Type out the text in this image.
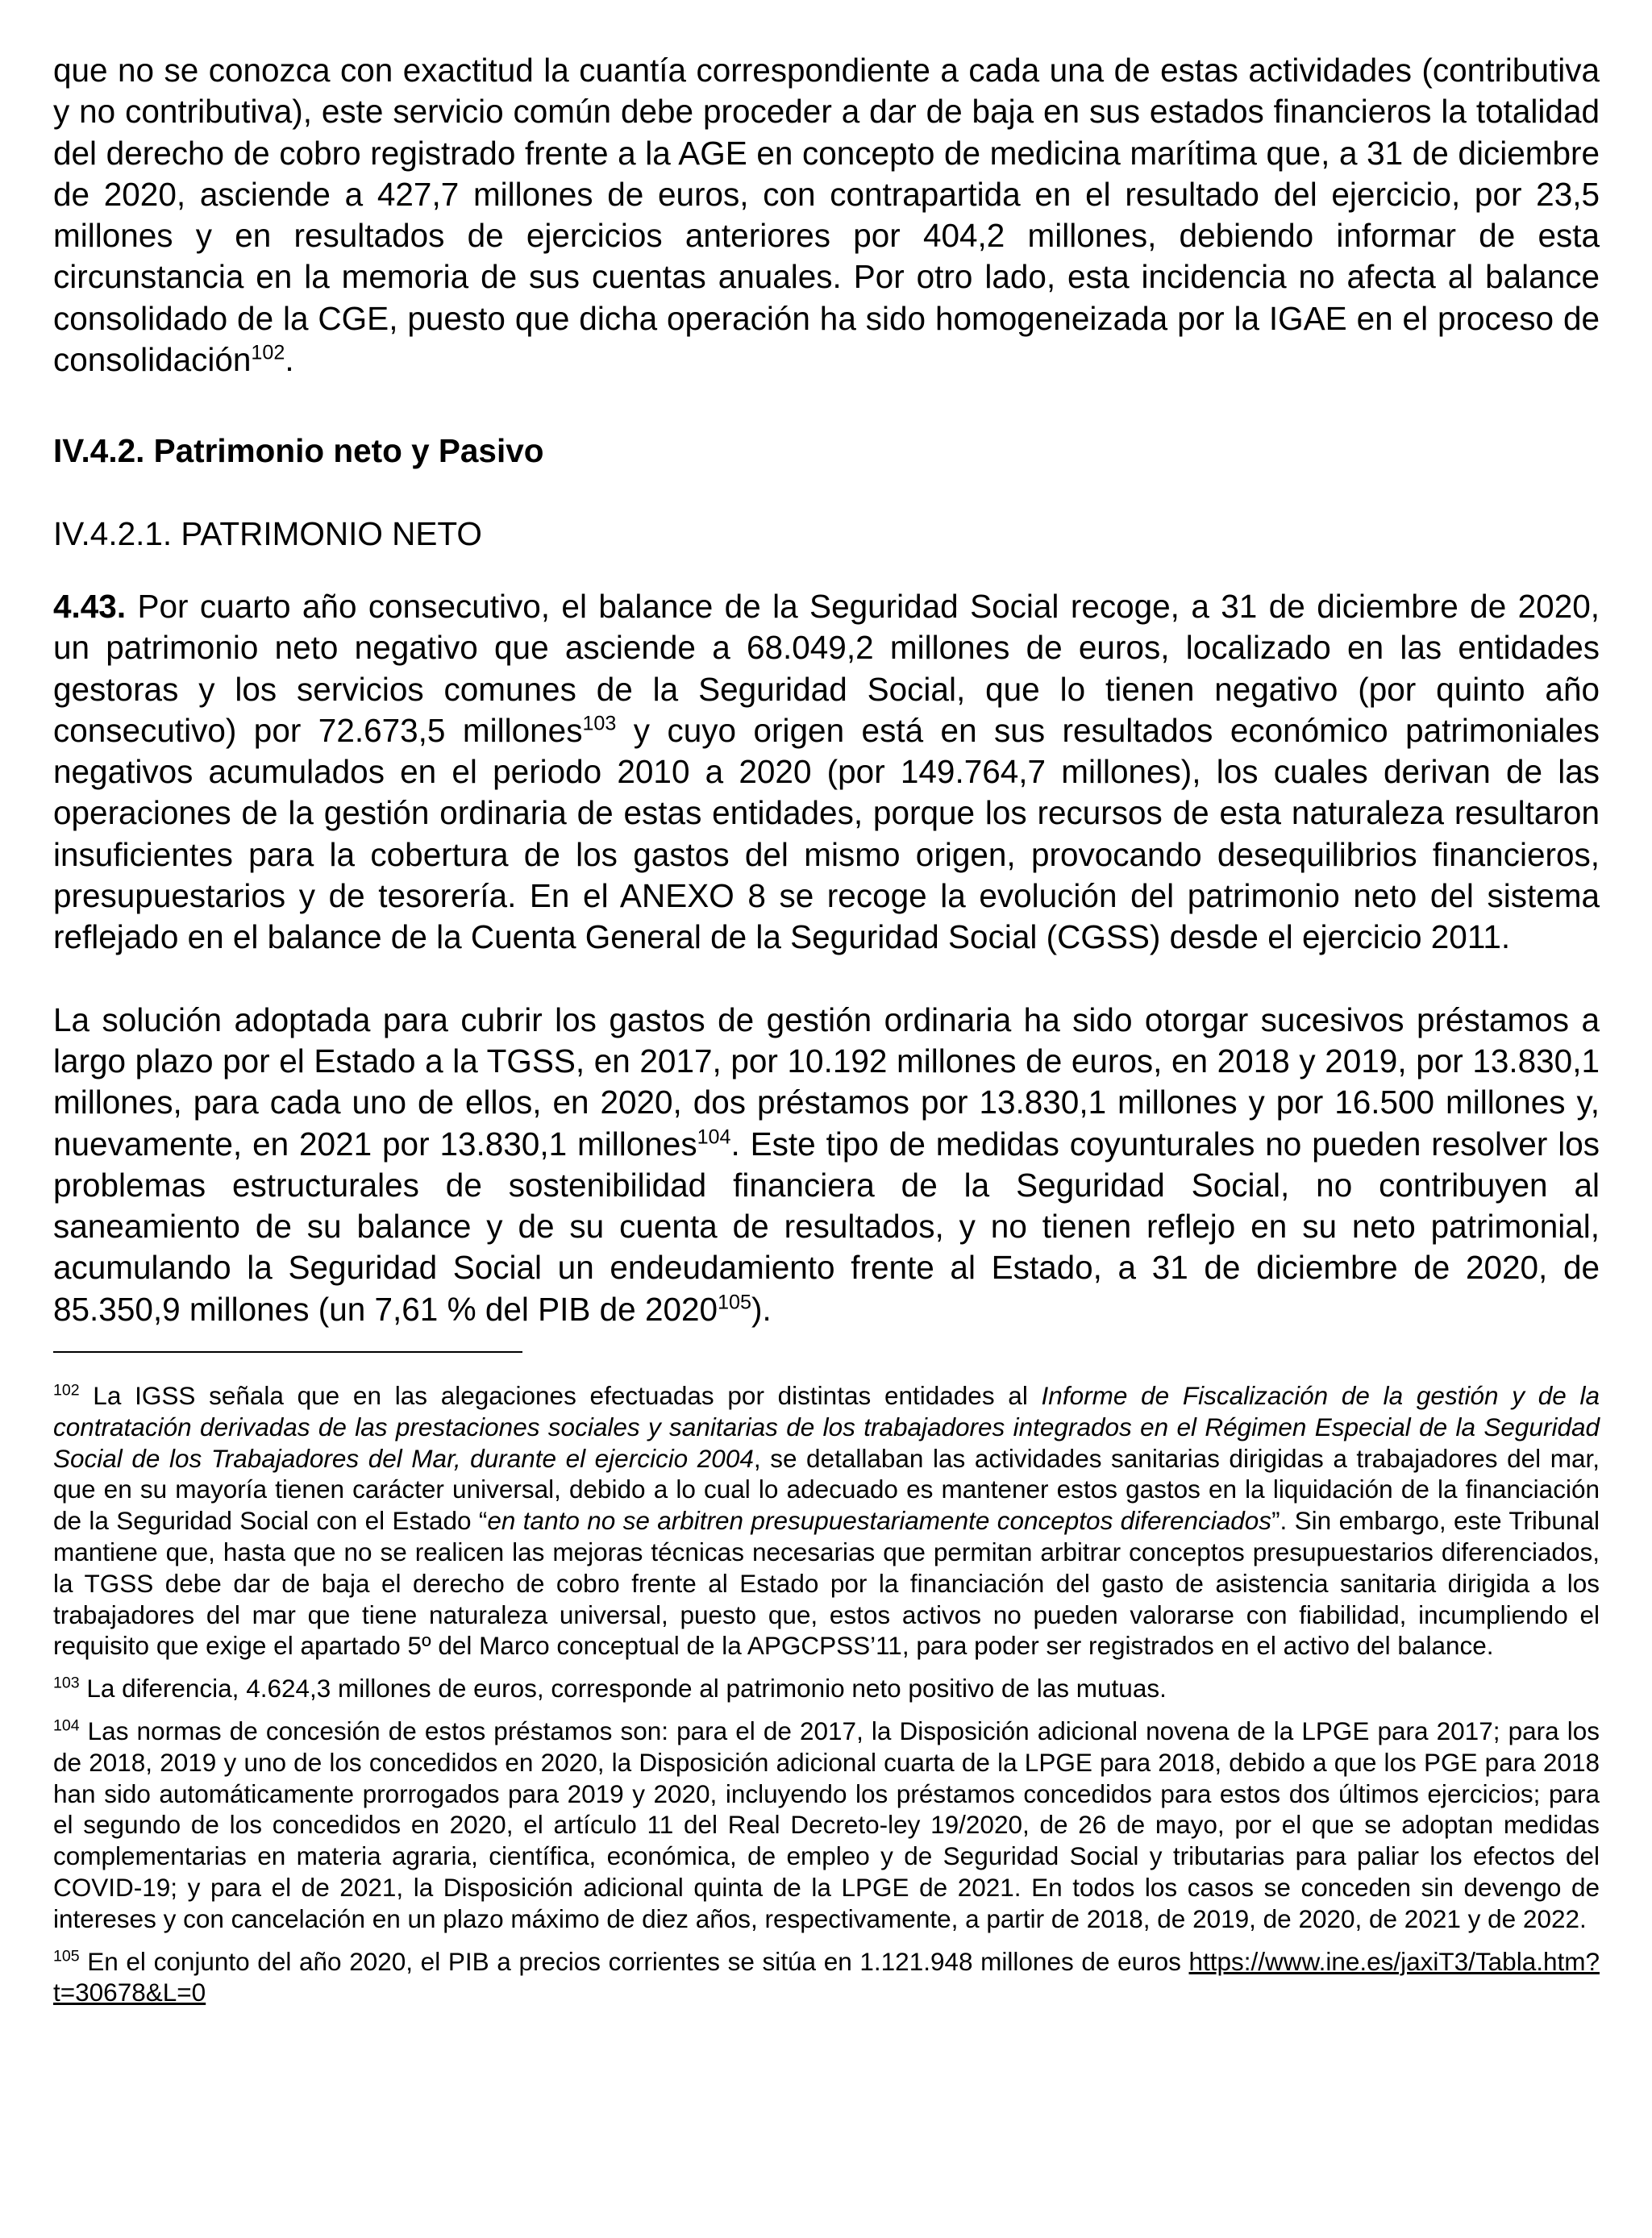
que no se conozca con exactitud la cuantía correspondiente a cada una de estas actividades (contributiva y no contributiva), este servicio común debe proceder a dar de baja en sus estados financieros la totalidad del derecho de cobro registrado frente a la AGE en concepto de medicina marítima que, a 31 de diciembre de 2020, asciende a 427,7 millones de euros, con contrapartida en el resultado del ejercicio, por 23,5 millones y en resultados de ejercicios anteriores por 404,2 millones, debiendo informar de esta circunstancia en la memoria de sus cuentas anuales. Por otro lado, esta incidencia no afecta al balance consolidado de la CGE, puesto que dicha operación ha sido homogeneizada por la IGAE en el proceso de consolidación$^{102}$.

IV.4.2. Patrimonio neto y Pasivo

IV.4.2.1. PATRIMONIO NETO

4.43. Por cuarto año consecutivo, el balance de la Seguridad Social recoge, a 31 de diciembre de 2020, un patrimonio neto negativo que asciende a 68.049,2 millones de euros, localizado en las entidades gestoras y los servicios comunes de la Seguridad Social, que lo tienen negativo (por quinto año consecutivo) por 72.673,5 millones$^{103}$ y cuyo origen está en sus resultados económico patrimoniales negativos acumulados en el periodo 2010 a 2020 (por 149.764,7 millones), los cuales derivan de las operaciones de la gestión ordinaria de estas entidades, porque los recursos de esta naturaleza resultaron insuficientes para la cobertura de los gastos del mismo origen, provocando desequilibrios financieros, presupuestarios y de tesorería. En el ANEXO 8 se recoge la evolución del patrimonio neto del sistema reflejado en el balance de la Cuenta General de la Seguridad Social (CGSS) desde el ejercicio 2011.

La solución adoptada para cubrir los gastos de gestión ordinaria ha sido otorgar sucesivos préstamos a largo plazo por el Estado a la TGSS, en 2017, por 10.192 millones de euros, en 2018 y 2019, por 13.830,1 millones, para cada uno de ellos, en 2020, dos préstamos por 13.830,1 millones y por 16.500 millones y, nuevamente, en 2021 por 13.830,1 millones$^{104}$. Este tipo de medidas coyunturales no pueden resolver los problemas estructurales de sostenibilidad financiera de la Seguridad Social, no contribuyen al saneamiento de su balance y de su cuenta de resultados, y no tienen reflejo en su neto patrimonial, acumulando la Seguridad Social un endeudamiento frente al Estado, a 31 de diciembre de 2020, de 85.350,9 millones (un 7,61 % del PIB de 2020$^{105}$).

$^{102}$ La IGSS señala que en las alegaciones efectuadas por distintas entidades al Informe de Fiscalización de la gestión y de la contratación derivadas de las prestaciones sociales y sanitarias de los trabajadores integrados en el Régimen Especial de la Seguridad Social de los Trabajadores del Mar, durante el ejercicio 2004, se detallaban las actividades sanitarias dirigidas a trabajadores del mar, que en su mayoría tienen carácter universal, debido a lo cual lo adecuado es mantener estos gastos en la liquidación de la financiación de la Seguridad Social con el Estado “en tanto no se arbitren presupuestariamente conceptos diferenciados”. Sin embargo, este Tribunal mantiene que, hasta que no se realicen las mejoras técnicas necesarias que permitan arbitrar conceptos presupuestarios diferenciados, la TGSS debe dar de baja el derecho de cobro frente al Estado por la financiación del gasto de asistencia sanitaria dirigida a los trabajadores del mar que tiene naturaleza universal, puesto que, estos activos no pueden valorarse con fiabilidad, incumpliendo el requisito que exige el apartado 5º del Marco conceptual de la APGCPSS’11, para poder ser registrados en el activo del balance.

$^{103}$ La diferencia, 4.624,3 millones de euros, corresponde al patrimonio neto positivo de las mutuas.

$^{104}$ Las normas de concesión de estos préstamos son: para el de 2017, la Disposición adicional novena de la LPGE para 2017; para los de 2018, 2019 y uno de los concedidos en 2020, la Disposición adicional cuarta de la LPGE para 2018, debido a que los PGE para 2018 han sido automáticamente prorrogados para 2019 y 2020, incluyendo los préstamos concedidos para estos dos últimos ejercicios; para el segundo de los concedidos en 2020, el artículo 11 del Real Decreto-ley 19/2020, de 26 de mayo, por el que se adoptan medidas complementarias en materia agraria, científica, económica, de empleo y de Seguridad Social y tributarias para paliar los efectos del COVID-19; y para el de 2021, la Disposición adicional quinta de la LPGE de 2021. En todos los casos se conceden sin devengo de intereses y con cancelación en un plazo máximo de diez años, respectivamente, a partir de 2018, de 2019, de 2020, de 2021 y de 2022.

$^{105}$ En el conjunto del año 2020, el PIB a precios corrientes se sitúa en 1.121.948 millones de euros https://www.ine.es/jaxiT3/Tabla.htm?t=30678&L=0
